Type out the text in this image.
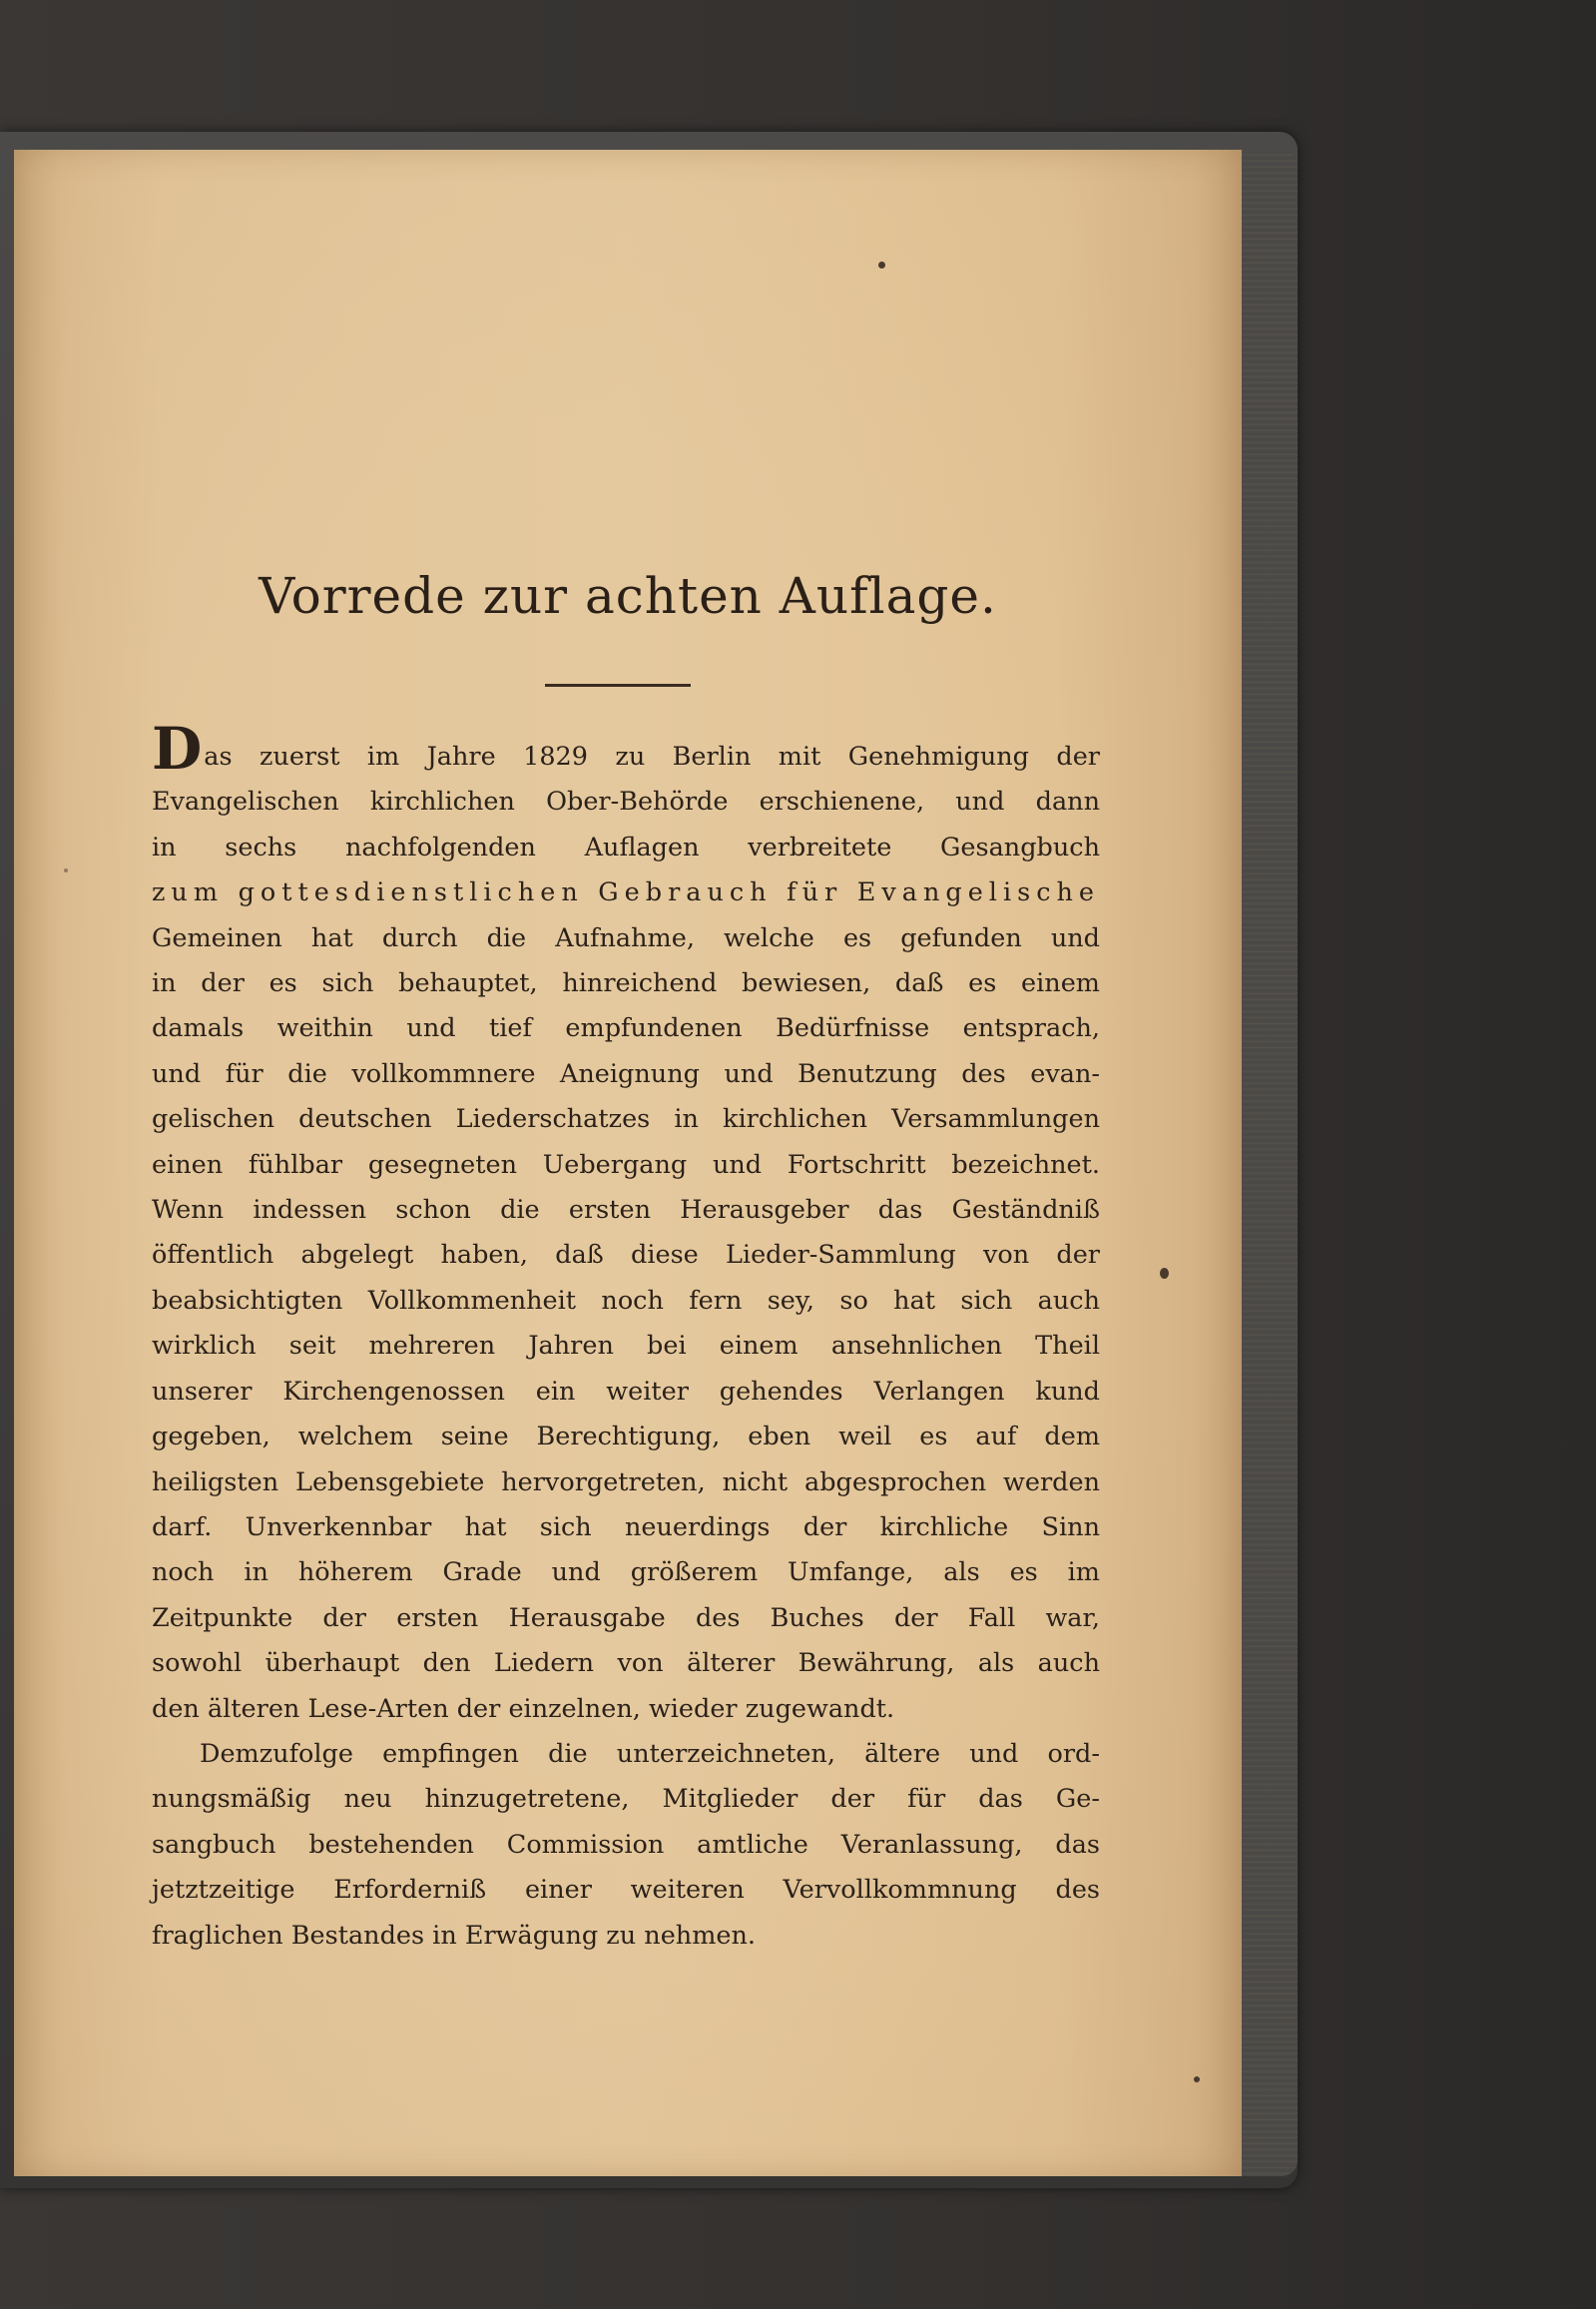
Vorrede zur achten Auflage.
Das zuerst im Jahre 1829 zu Berlin mit Genehmigung der
Evangelischen kirchlichen Ober-Behörde erschienene, und dann
in sechs nachfolgenden Auflagen verbreitete Gesangbuch
zum gottesdienstlichen Gebrauch für Evangelische
Gemeinen hat durch die Aufnahme, welche es gefunden und
in der es sich behauptet, hinreichend bewiesen, daß es einem
damals weithin und tief empfundenen Bedürfnisse entsprach,
und für die vollkommnere Aneignung und Benutzung des evan-
gelischen deutschen Liederschatzes in kirchlichen Versammlungen
einen fühlbar gesegneten Uebergang und Fortschritt bezeichnet.
Wenn indessen schon die ersten Herausgeber das Geständniß
öffentlich abgelegt haben, daß diese Lieder-Sammlung von der
beabsichtigten Vollkommenheit noch fern sey, so hat sich auch
wirklich seit mehreren Jahren bei einem ansehnlichen Theil
unserer Kirchengenossen ein weiter gehendes Verlangen kund
gegeben, welchem seine Berechtigung, eben weil es auf dem
heiligsten Lebensgebiete hervorgetreten, nicht abgesprochen werden
darf. Unverkennbar hat sich neuerdings der kirchliche Sinn
noch in höherem Grade und größerem Umfange, als es im
Zeitpunkte der ersten Herausgabe des Buches der Fall war,
sowohl überhaupt den Liedern von älterer Bewährung, als auch
den älteren Lese-Arten der einzelnen, wieder zugewandt.
Demzufolge empfingen die unterzeichneten, ältere und ord-
nungsmäßig neu hinzugetretene, Mitglieder der für das Ge-
sangbuch bestehenden Commission amtliche Veranlassung, das
jetztzeitige Erforderniß einer weiteren Vervollkommnung des
fraglichen Bestandes in Erwägung zu nehmen.
